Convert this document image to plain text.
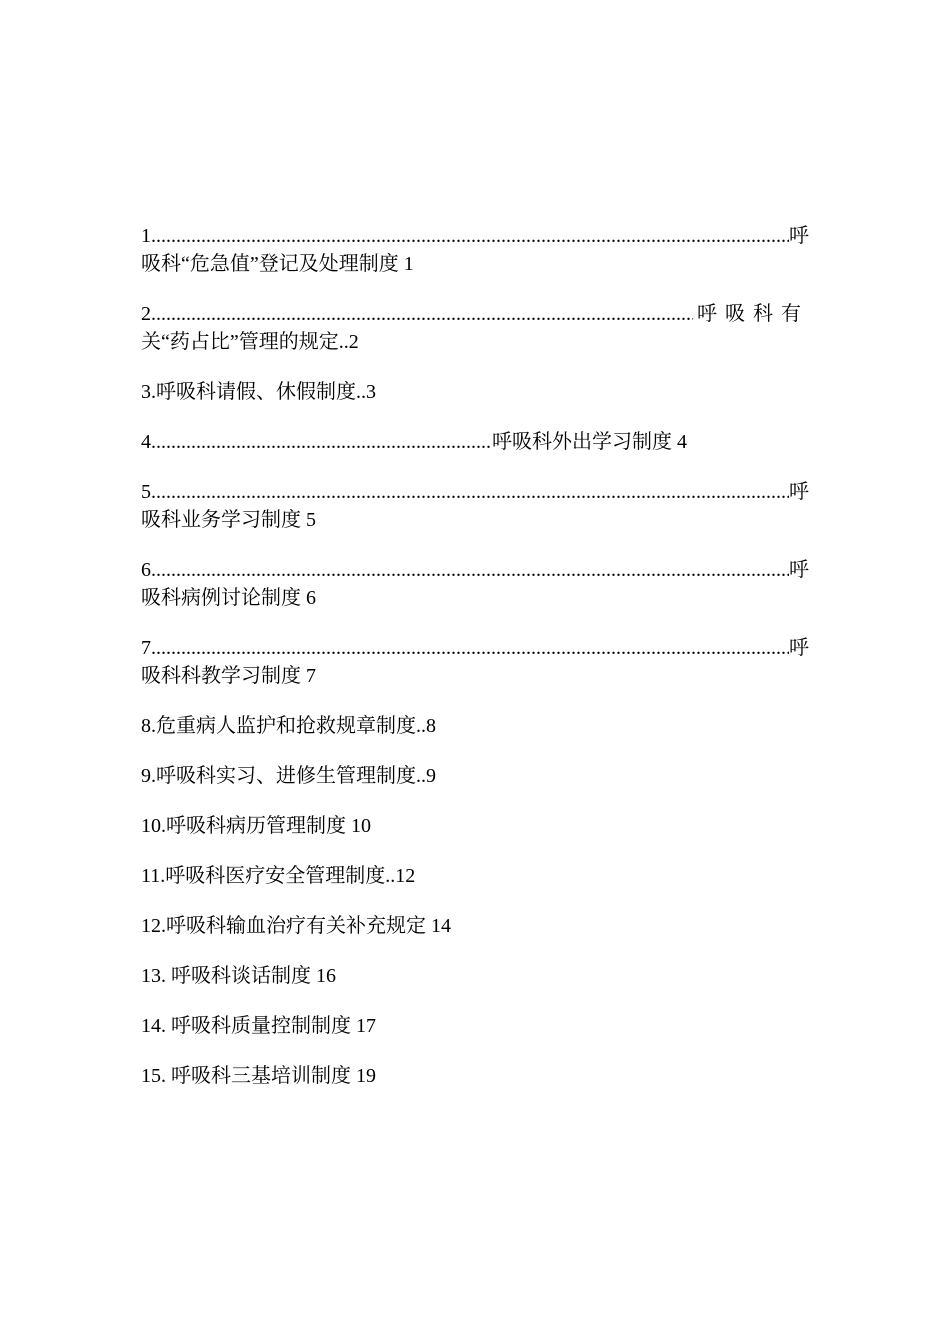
1 .....	呼
吸科“危急值”登记及处理制度 1
2 .....	呼吸科有
关“药占比”管理的规定..2
3.呼吸科请假、休假制度..3
4 .....	呼吸科外出学习制度 4
5 .....	呼
吸科业务学习制度 5
6 .....	呼
吸科病例讨论制度 6
7 .....	呼
吸科科教学习制度 7
8.危重病人监护和抢救规章制度..8
9.呼吸科实习、进修生管理制度..9
10.呼吸科病历管理制度 10
11.呼吸科医疗安全管理制度..12
12.呼吸科输血治疗有关补充规定 14
13. 呼吸科谈话制度 16
14. 呼吸科质量控制制度 17
15. 呼吸科三基培训制度 19
